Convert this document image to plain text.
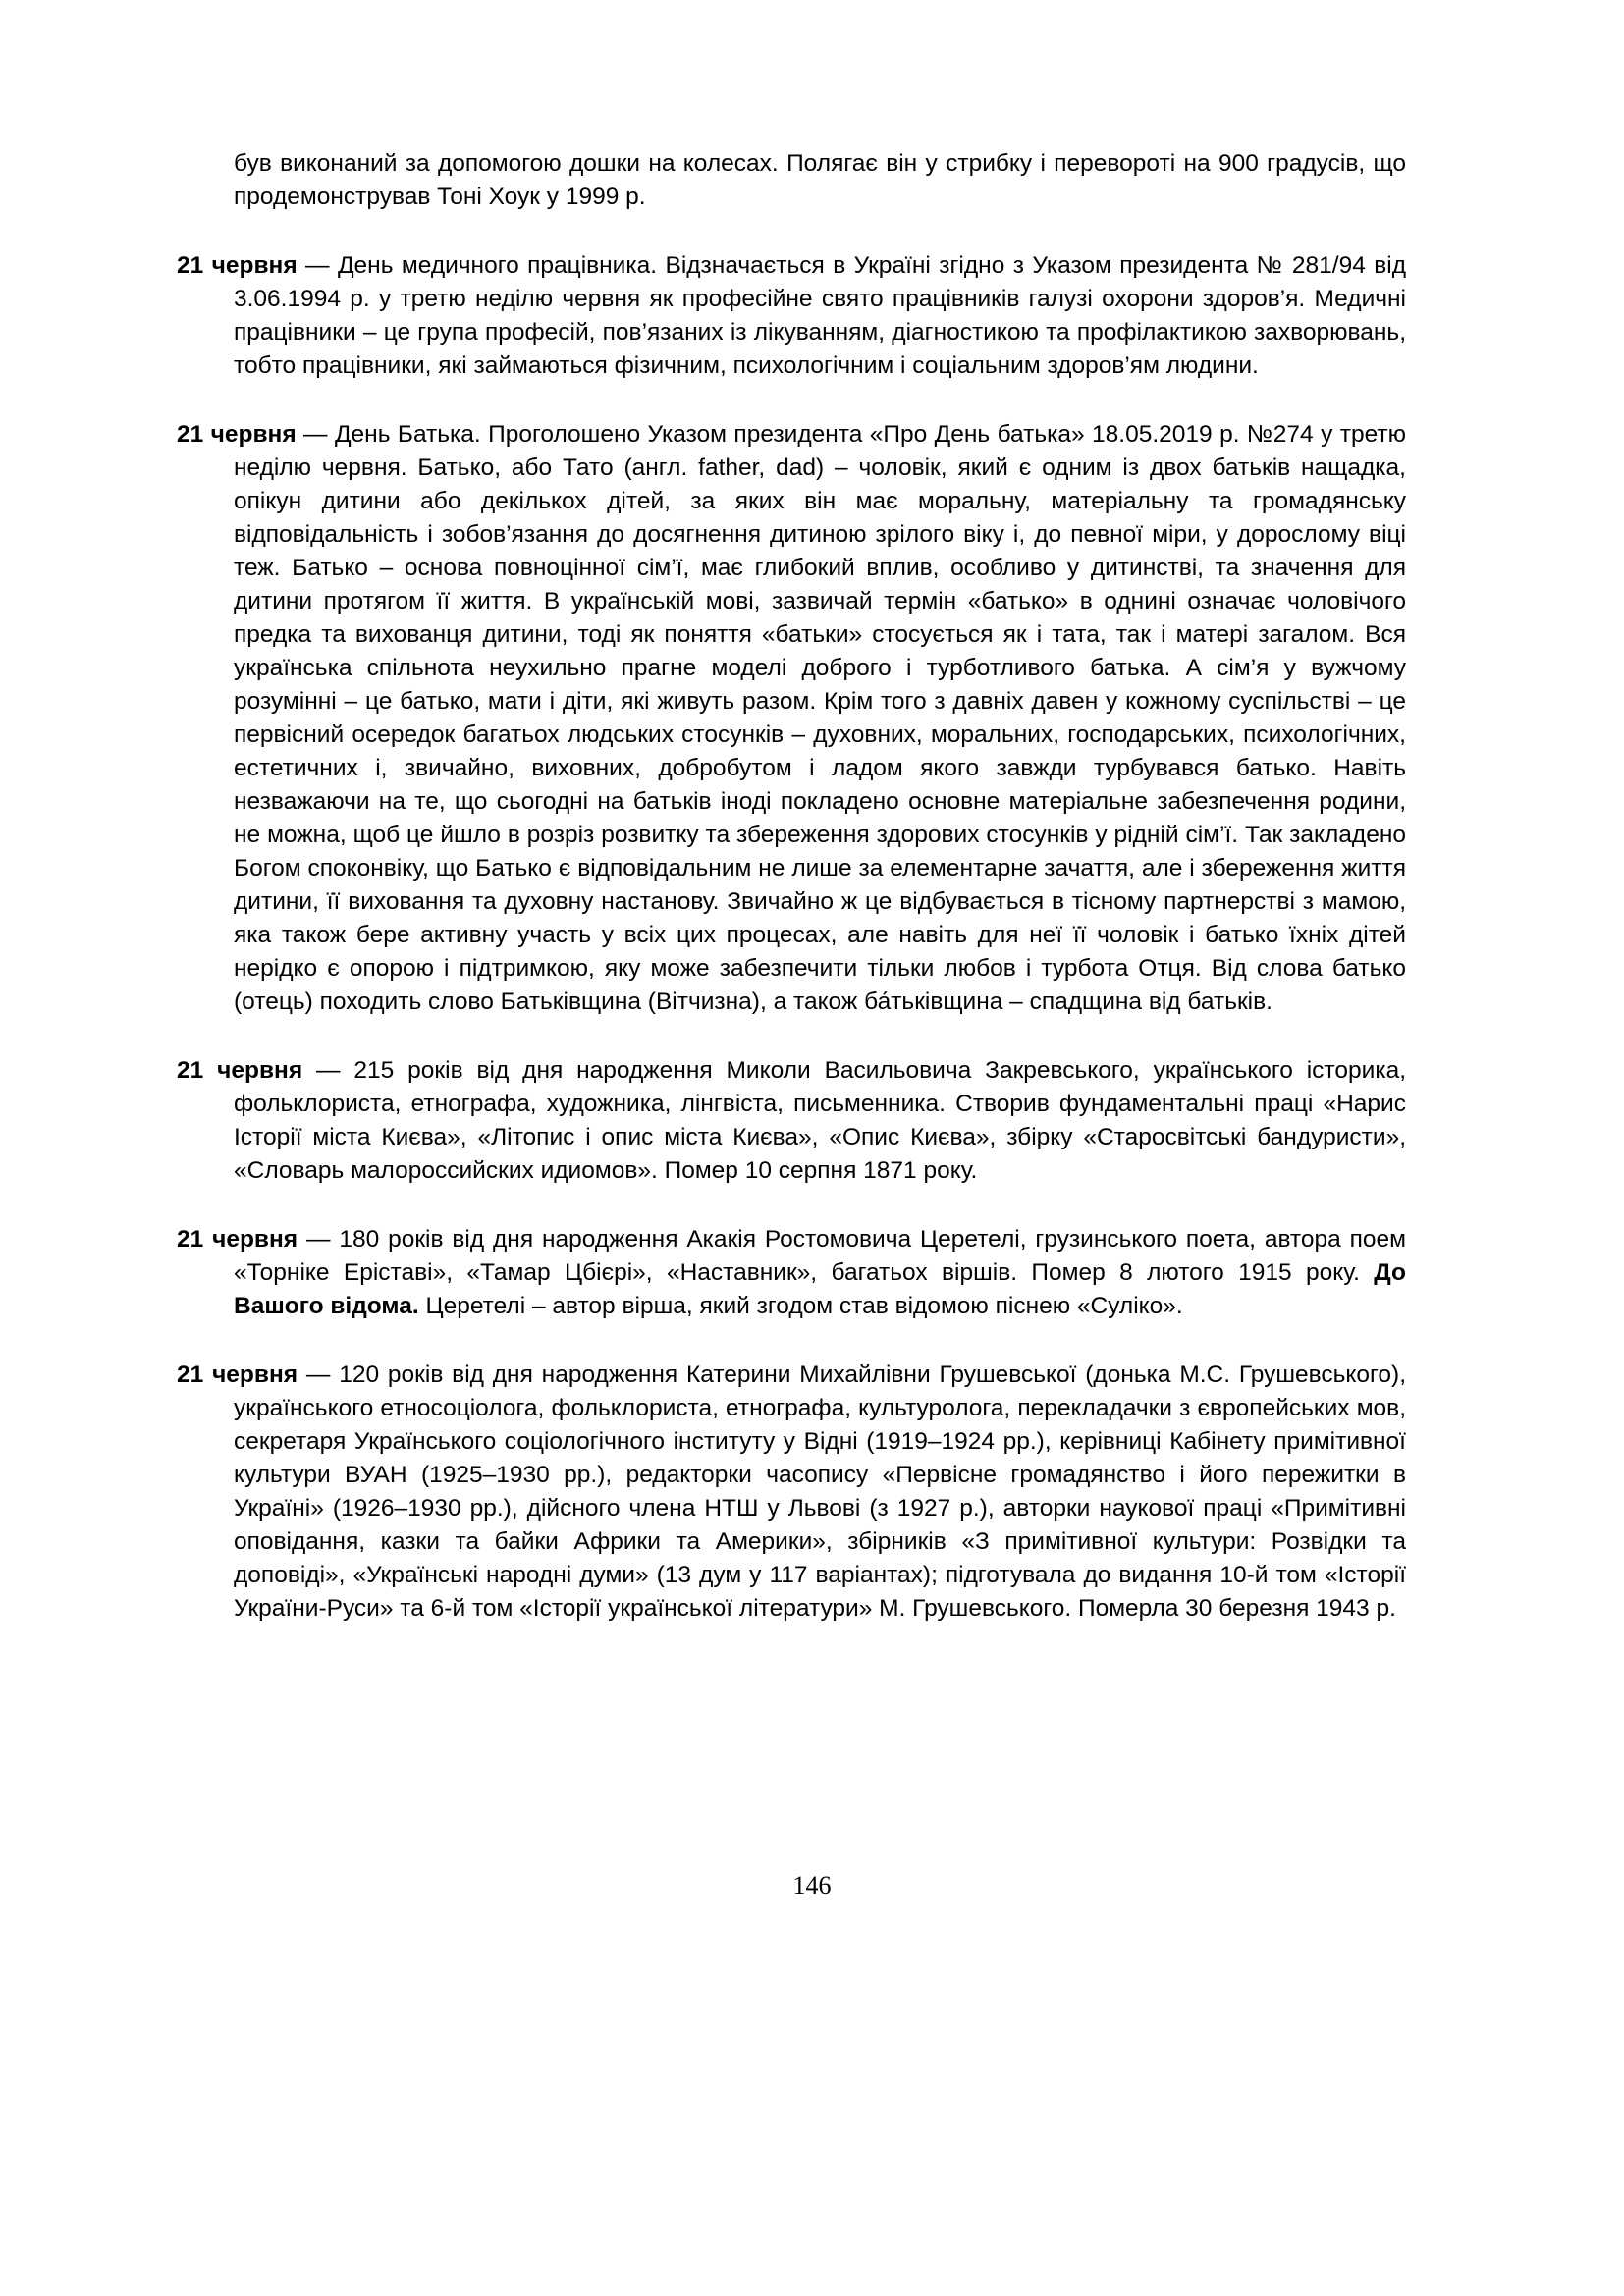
був виконаний за допомогою дошки на колесах. Полягає він у стрибку і перевороті на 900 градусів, що продемонстрував Тоні Хоук у 1999 р.

21 червня — День медичного працівника. Відзначається в Україні згідно з Указом президента № 281/94 від 3.06.1994 р. у третю неділю червня як професійне свято працівників галузі охорони здоров’я. Медичні працівники – це група професій, пов’язаних із лікуванням, діагностикою та профілактикою захворювань, тобто працівники, які займаються фізичним, психологічним і соціальним здоров’ям людини.

21 червня — День Батька. Проголошено Указом президента «Про День батька» 18.05.2019 р. №274 у третю неділю червня. Батько, або Тато (англ. father, dad) – чоловік, який є одним із двох батьків нащадка, опікун дитини або декількох дітей, за яких він має моральну, матеріальну та громадянську відповідальність і зобов’язання до досягнення дитиною зрілого віку і, до певної міри, у дорослому віці теж. Батько – основа повноцінної сім’ї, має глибокий вплив, особливо у дитинстві, та значення для дитини протягом її життя. В українській мові, зазвичай термін «батько» в однині означає чоловічого предка та вихованця дитини, тоді як поняття «батьки» стосується як і тата, так і матері загалом. Вся українська спільнота неухильно прагне моделі доброго і турботливого батька. А сім’я у вужчому розумінні – це батько, мати і діти, які живуть разом. Крім того з давніх давен у кожному суспільстві – це первісний осередок багатьох людських стосунків – духовних, моральних, господарських, психологічних, естетичних і, звичайно, виховних, добробутом і ладом якого завжди турбувався батько. Навіть незважаючи на те, що сьогодні на батьків іноді покладено основне матеріальне забезпечення родини, не можна, щоб це йшло в розріз розвитку та збереження здорових стосунків у рідній сім’ї. Так закладено Богом споконвіку, що Батько є відповідальним не лише за елементарне зачаття, але і збереження життя дитини, її виховання та духовну настанову. Звичайно ж це відбувається в тісному партнерстві з мамою, яка також бере активну участь у всіх цих процесах, але навіть для неї її чоловік і батько їхніх дітей нерідко є опорою і підтримкою, яку може забезпечити тільки любов і турбота Отця. Від слова батько (отець) походить слово Батьківщина (Вітчизна), а також ба́тьківщина – спадщина від батьків.

21 червня — 215 років від дня народження Миколи Васильовича Закревського, українського історика, фольклориста, етнографа, художника, лінгвіста, письменника. Створив фундаментальні праці «Нарис Історії міста Києва», «Літопис і опис міста Києва», «Опис Києва», збірку «Старосвітські бандуристи», «Словарь малороссийских идиомов». Помер 10 серпня 1871 року.

21 червня — 180 років від дня народження Акакія Ростомовича Церетелі, грузинського поета, автора поем «Торніке Еріставі», «Тамар Цбієрі», «Наставник», багатьох віршів. Помер 8 лютого 1915 року. До Вашого відома. Церетелі – автор вірша, який згодом став відомою піснею «Суліко».

21 червня — 120 років від дня народження Катерини Михайлівни Грушевської (донька М.С. Грушевського), українського етносоціолога, фольклориста, етнографа, культуролога, перекладачки з європейських мов, секретаря Українського соціологічного інституту у Відні (1919–1924 рр.), керівниці Кабінету примітивної культури ВУАН (1925–1930 рр.), редакторки часопису «Первісне громадянство і його пережитки в Україні» (1926–1930 рр.), дійсного члена НТШ у Львові (з 1927 р.), авторки наукової праці «Примітивні оповідання, казки та байки Африки та Америки», збірників «З примітивної культури: Розвідки та доповіді», «Українські народні думи» (13 дум у 117 варіантах); підготувала до видання 10-й том «Історії України-Руси» та 6-й том «Історії української літератури» М. Грушевського. Померла 30 березня 1943 р.

146
